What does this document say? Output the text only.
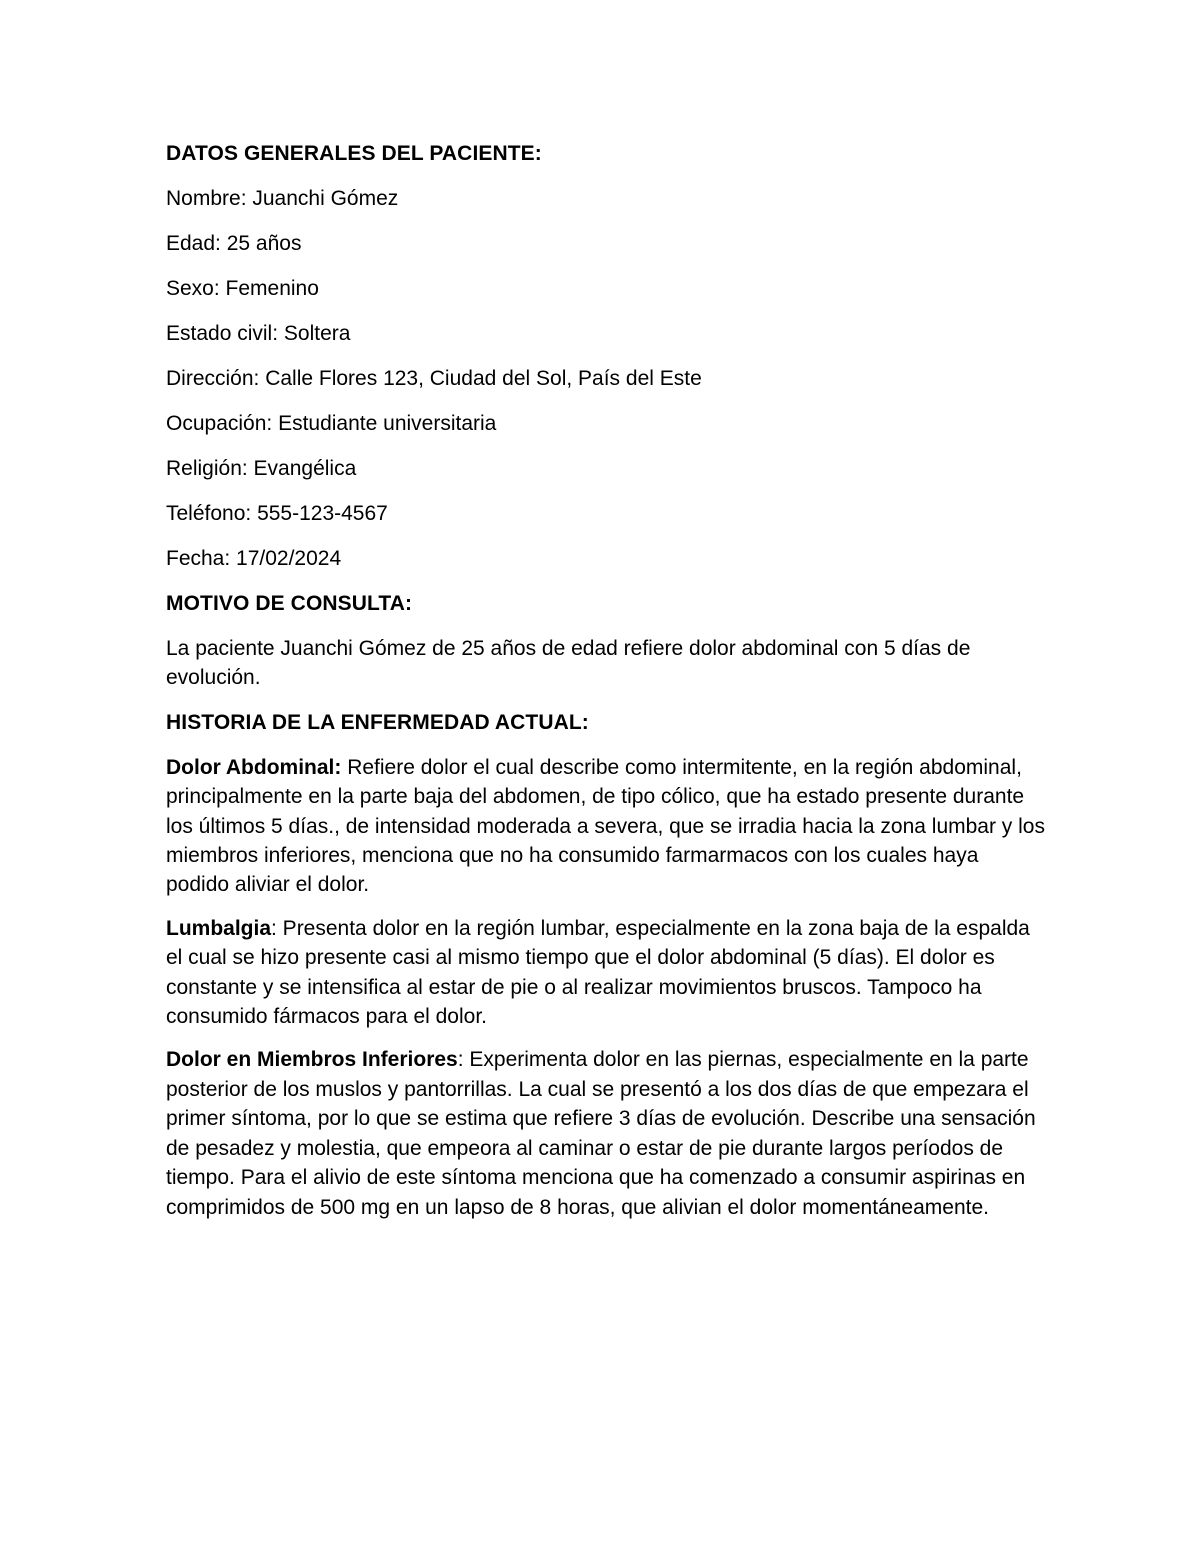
DATOS GENERALES DEL PACIENTE:

Nombre: Juanchi Gómez

Edad: 25 años

Sexo: Femenino

Estado civil: Soltera

Dirección: Calle Flores 123, Ciudad del Sol, País del Este

Ocupación: Estudiante universitaria

Religión: Evangélica

Teléfono: 555-123-4567

Fecha: 17/02/2024

MOTIVO DE CONSULTA:

La paciente Juanchi Gómez de 25 años de edad refiere dolor abdominal con 5 días de evolución.

HISTORIA DE LA ENFERMEDAD ACTUAL:

Dolor Abdominal: Refiere dolor el cual describe como intermitente, en la región abdominal, principalmente en la parte baja del abdomen, de tipo cólico, que ha estado presente durante los últimos 5 días., de intensidad moderada a severa, que se irradia hacia la zona lumbar y los miembros inferiores, menciona que no ha consumido farmarmacos con los cuales haya podido aliviar el dolor.

Lumbalgia: Presenta dolor en la región lumbar, especialmente en la zona baja de la espalda el cual se hizo presente casi al mismo tiempo que el dolor abdominal (5 días). El dolor es constante y se intensifica al estar de pie o al realizar movimientos bruscos. Tampoco ha consumido fármacos para el dolor.

Dolor en Miembros Inferiores: Experimenta dolor en las piernas, especialmente en la parte posterior de los muslos y pantorrillas. La cual se presentó a los dos días de que empezara el primer síntoma, por lo que se estima que refiere 3 días de evolución. Describe una sensación de pesadez y molestia, que empeora al caminar o estar de pie durante largos períodos de tiempo. Para el alivio de este síntoma menciona que ha comenzado a consumir aspirinas en comprimidos de 500 mg en un lapso de 8 horas, que alivian el dolor momentáneamente.
